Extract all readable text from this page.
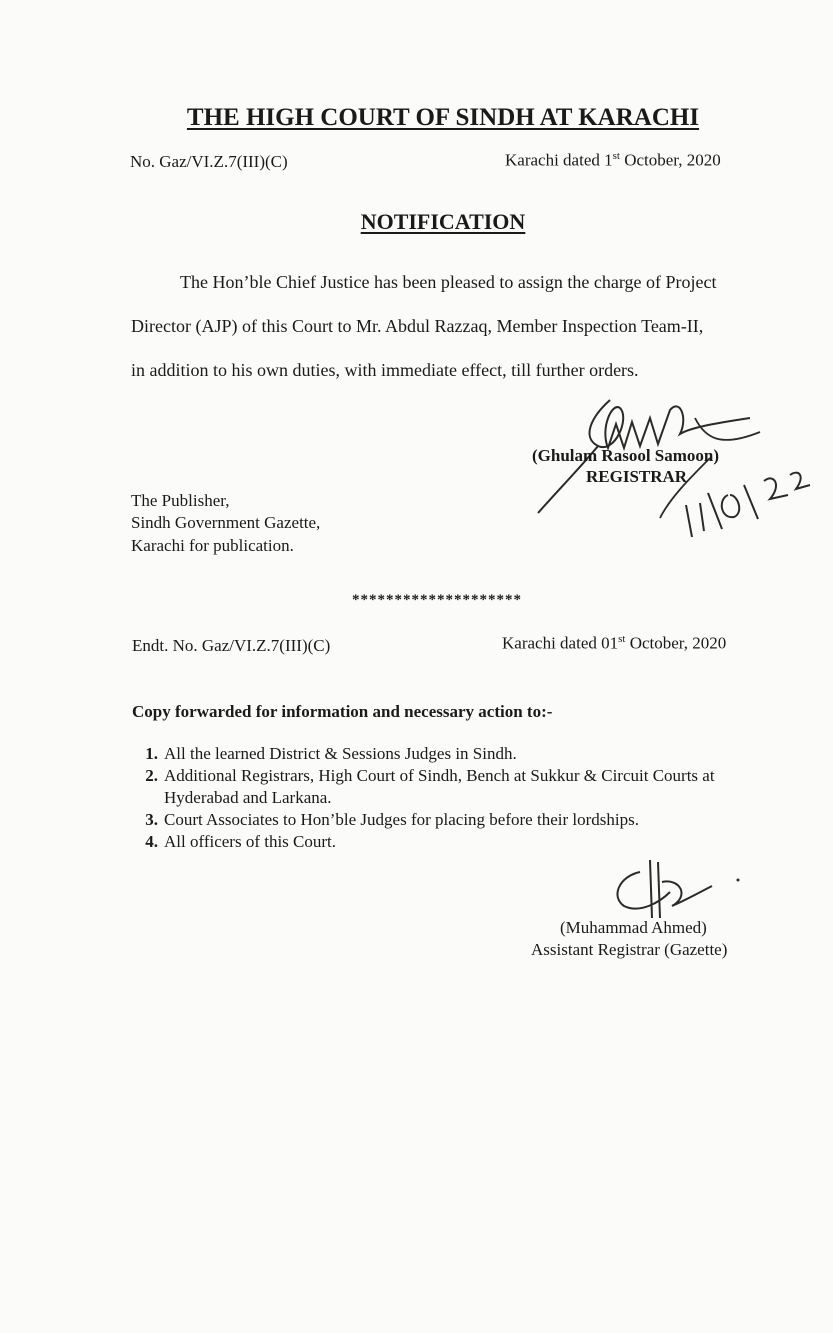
THE HIGH COURT OF SINDH AT KARACHI
No. Gaz/VI.Z.7(III)(C)	Karachi dated 1st October, 2020
NOTIFICATION
The Hon’ble Chief Justice has been pleased to assign the charge of Project
Director (AJP) of this Court to Mr. Abdul Razzaq, Member Inspection Team-II,
in addition to his own duties, with immediate effect, till further orders.
(Ghulam Rasool Samoon)
REGISTRAR
The Publisher,
Sindh Government Gazette,
Karachi for publication.
********************
Endt. No. Gaz/VI.Z.7(III)(C)	Karachi dated 01st October, 2020
Copy forwarded for information and necessary action to:-
1. All the learned District & Sessions Judges in Sindh.
2. Additional Registrars, High Court of Sindh, Bench at Sukkur & Circuit Courts at Hyderabad and Larkana.
3. Court Associates to Hon’ble Judges for placing before their lordships.
4. All officers of this Court.
(Muhammad Ahmed)
Assistant Registrar (Gazette)
